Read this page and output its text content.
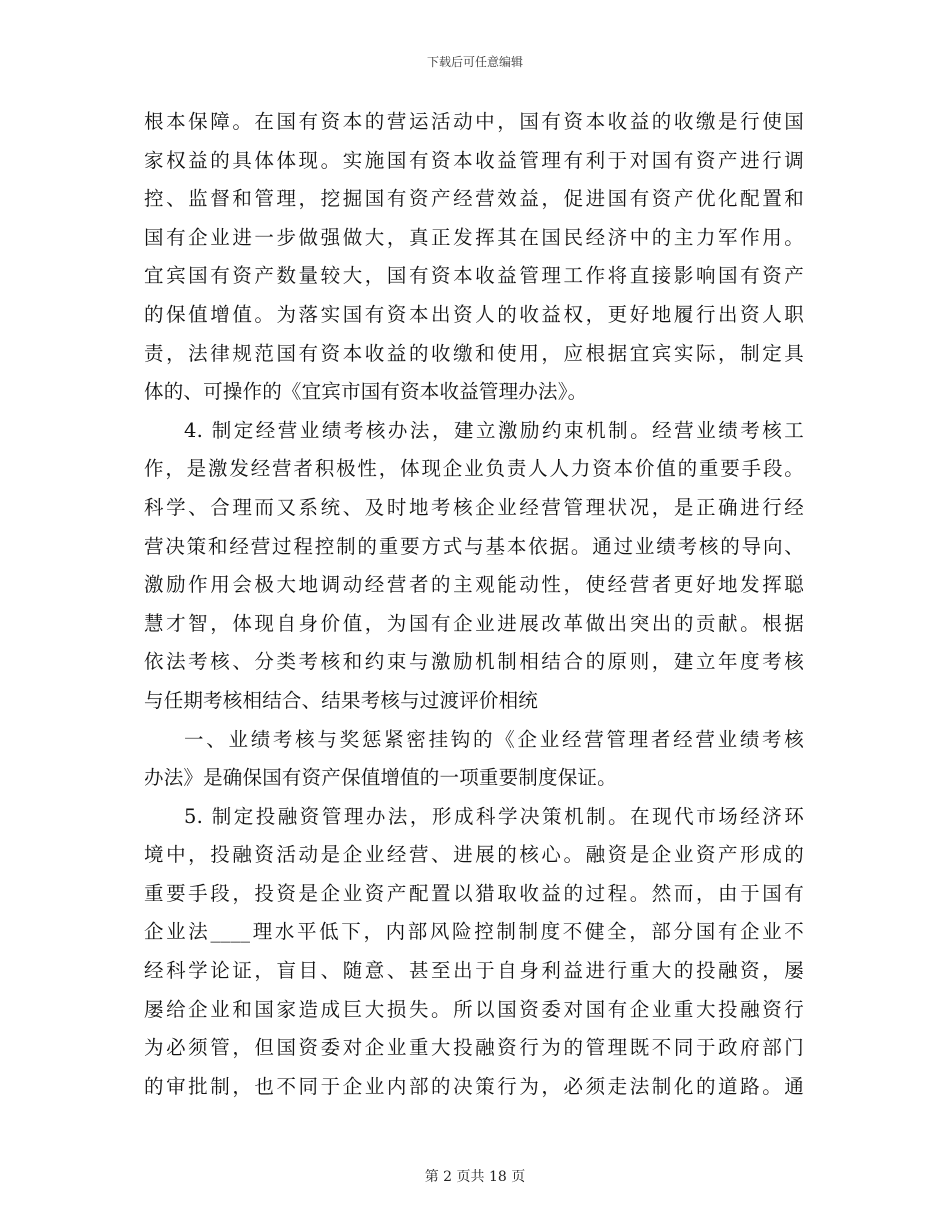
下载后可任意编辑
根本保障。在国有资本的营运活动中，国有资本收益的收缴是行使国
家权益的具体体现。实施国有资本收益管理有利于对国有资产进行调
控、监督和管理，挖掘国有资产经营效益，促进国有资产优化配置和
国有企业进一步做强做大，真正发挥其在国民经济中的主力军作用。
宜宾国有资产数量较大，国有资本收益管理工作将直接影响国有资产
的保值增值。为落实国有资本出资人的收益权，更好地履行出资人职
责，法律规范国有资本收益的收缴和使用，应根据宜宾实际，制定具
体的、可操作的《宜宾市国有资本收益管理办法》。
4. 制定经营业绩考核办法，建立激励约束机制。经营业绩考核工
作，是激发经营者积极性，体现企业负责人人力资本价值的重要手段。
科学、合理而又系统、及时地考核企业经营管理状况，是正确进行经
营决策和经营过程控制的重要方式与基本依据。通过业绩考核的导向、
激励作用会极大地调动经营者的主观能动性，使经营者更好地发挥聪
慧才智，体现自身价值，为国有企业进展改革做出突出的贡献。根据
依法考核、分类考核和约束与激励机制相结合的原则，建立年度考核
与任期考核相结合、结果考核与过渡评价相统
一、业绩考核与奖惩紧密挂钩的《企业经营管理者经营业绩考核
办法》是确保国有资产保值增值的一项重要制度保证。
5. 制定投融资管理办法，形成科学决策机制。在现代市场经济环
境中，投融资活动是企业经营、进展的核心。融资是企业资产形成的
重要手段，投资是企业资产配置以猎取收益的过程。然而，由于国有
企业法____理水平低下，内部风险控制制度不健全，部分国有企业不
经科学论证，盲目、随意、甚至出于自身利益进行重大的投融资，屡
屡给企业和国家造成巨大损失。所以国资委对国有企业重大投融资行
为必须管，但国资委对企业重大投融资行为的管理既不同于政府部门
的审批制，也不同于企业内部的决策行为，必须走法制化的道路。通
第 2 页共 18 页
